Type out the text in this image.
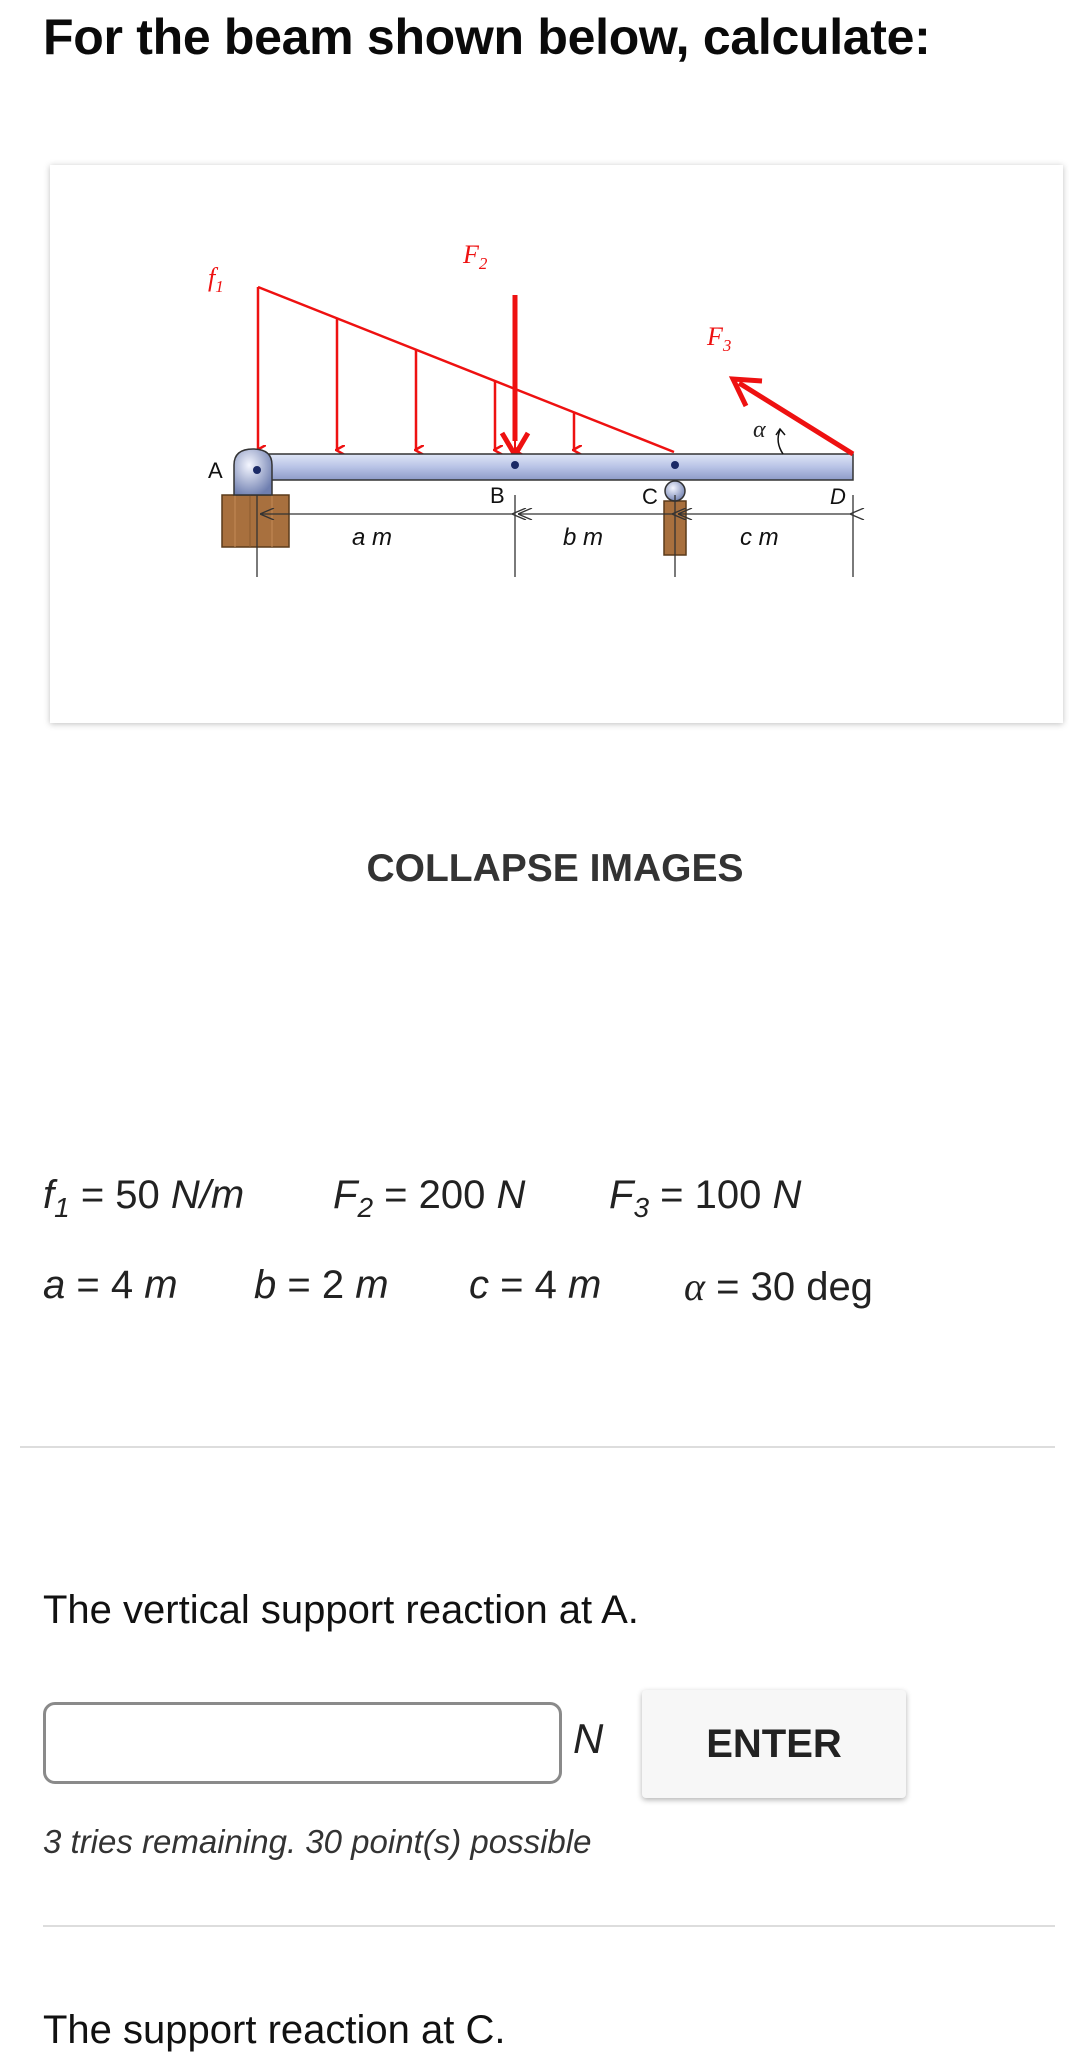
For the beam shown below, calculate:
$f_1$
$F_2$
$F_3$
α
A
B	C	D
a m	b m	c m
COLLAPSE IMAGES
$f_1 = 50$ N/m $F_2 = 200$ N $F_3 = 100$ N
a = 4 m b = 2 m c = 4 m α = 30 deg
The vertical support reaction at A.
N	ENTER
3 tries remaining. 30 point(s) possible
The support reaction at C.
